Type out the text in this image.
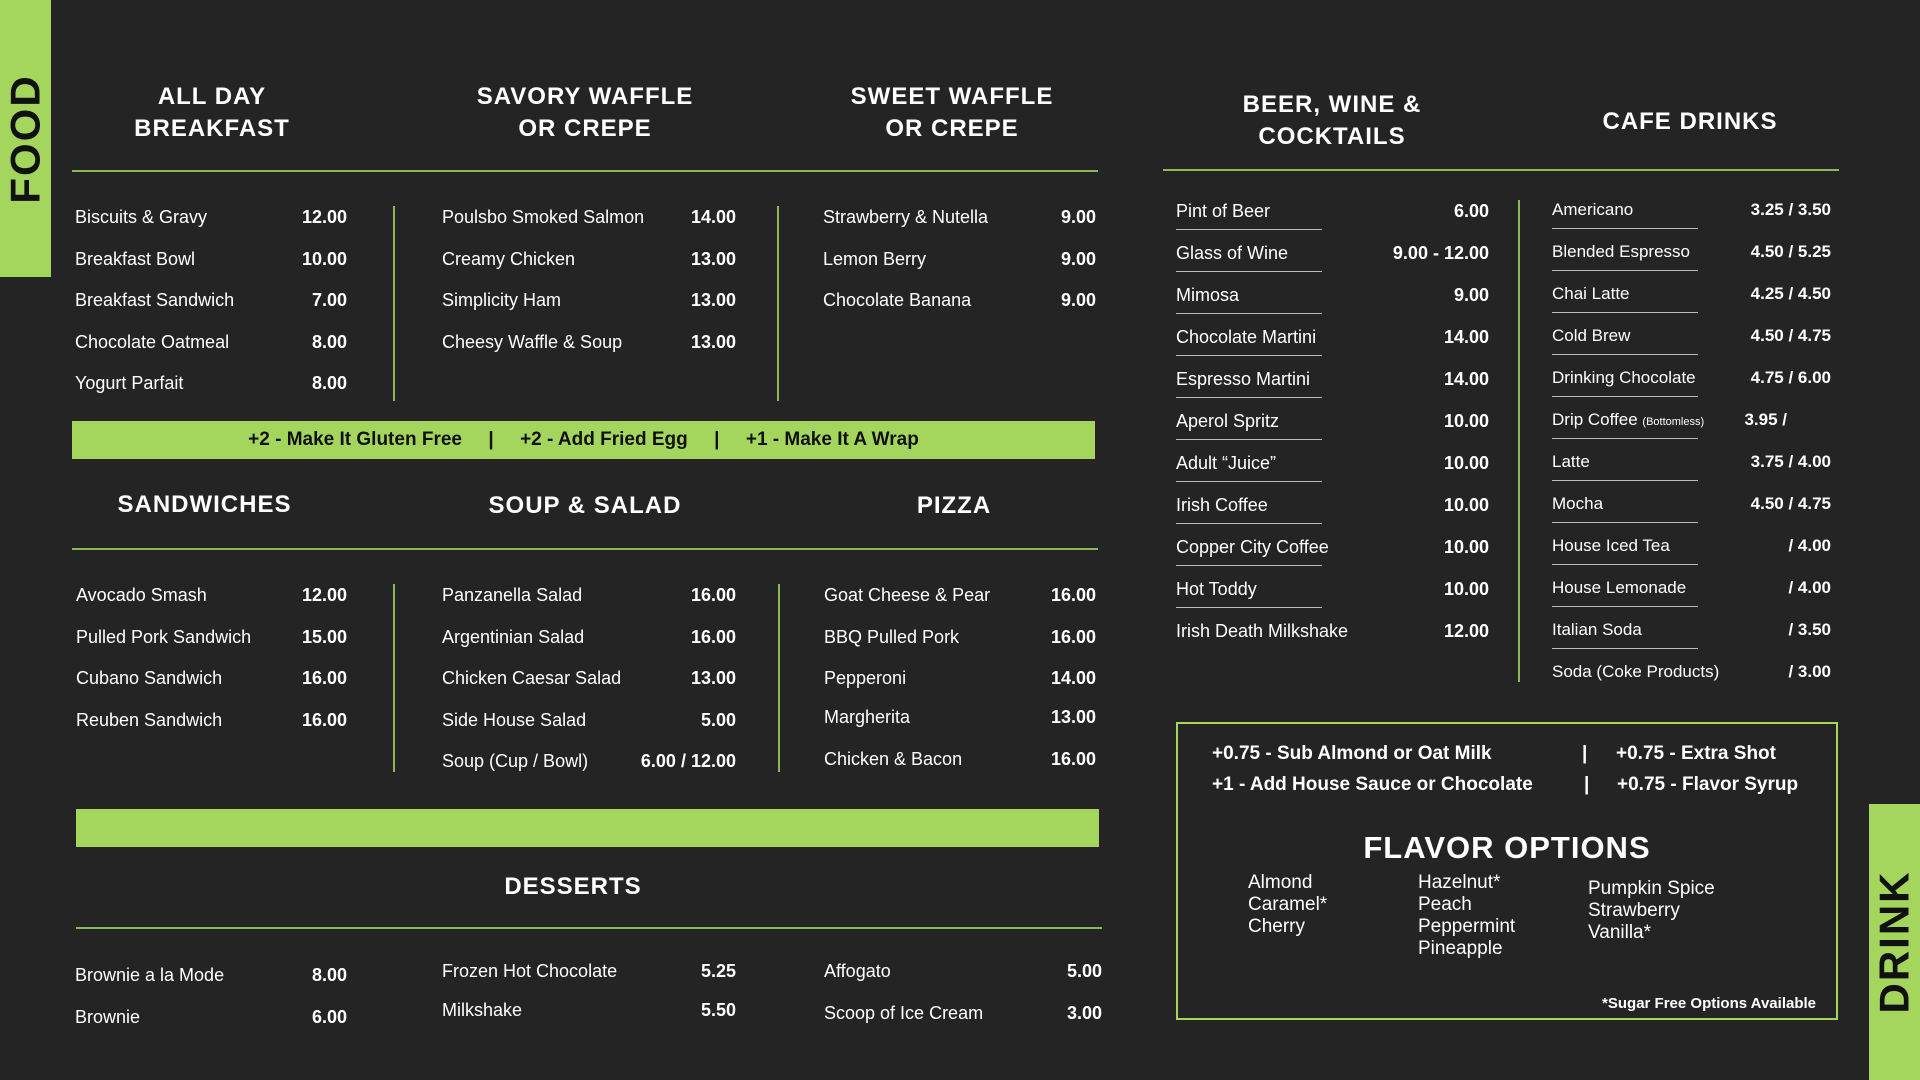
FOOD
DRINK
ALL DAY
BREAKFAST
SAVORY WAFFLE
OR CREPE
SWEET WAFFLE
OR CREPE
Biscuits & Gravy	12.00
Breakfast Bowl	10.00
Breakfast Sandwich	7.00
Chocolate Oatmeal	8.00
Yogurt Parfait	8.00
Poulsbo Smoked Salmon	14.00
Creamy Chicken	13.00
Simplicity Ham	13.00
Cheesy Waffle & Soup	13.00
Strawberry & Nutella	9.00
Lemon Berry	9.00
Chocolate Banana	9.00
+2 - Make It Gluten Free     |     +2 - Add Fried Egg     |     +1 - Make It A Wrap
SANDWICHES	SOUP & SALAD	PIZZA
Avocado Smash	12.00
Pulled Pork Sandwich	15.00
Cubano Sandwich	16.00
Reuben Sandwich	16.00
Panzanella Salad	16.00
Argentinian Salad	16.00
Chicken Caesar Salad	13.00
Side House Salad	5.00
Soup (Cup / Bowl)	6.00 / 12.00
Goat Cheese & Pear	16.00
BBQ Pulled Pork	16.00
Pepperoni	14.00
Margherita	13.00
Chicken & Bacon	16.00
DESSERTS
Brownie a la Mode	8.00
Brownie	6.00
Frozen Hot Chocolate	5.25
Milkshake	5.50
Affogato	5.00
Scoop of Ice Cream	3.00
BEER, WINE &
COCKTAILS
CAFE DRINKS
Pint of Beer	6.00
Glass of Wine	9.00 - 12.00
Mimosa	9.00
Chocolate Martini	14.00
Espresso Martini	14.00
Aperol Spritz	10.00
Adult “Juice”	10.00
Irish Coffee	10.00
Copper City Coffee	10.00
Hot Toddy	10.00
Irish Death Milkshake	12.00
Americano	3.25 / 3.50
Blended Espresso	4.50 / 5.25
Chai Latte	4.25 / 4.50
Cold Brew	4.50 / 4.75
Drinking Chocolate	4.75 / 6.00
Drip Coffee (Bottomless) 3.95 /
Latte	3.75 / 4.00
Mocha	4.50 / 4.75
House Iced Tea	/ 4.00
House Lemonade	/ 4.00
Italian Soda	/ 3.50
Soda (Coke Products)	/ 3.00
+0.75 - Sub Almond or Oat Milk	| +0.75 - Extra Shot
+1 - Add House Sauce or Chocolate	| +0.75 - Flavor Syrup
FLAVOR OPTIONS
Almond
Caramel*
Cherry
Hazelnut*
Peach
Peppermint
Pineapple
Pumpkin Spice
Strawberry
Vanilla*
*Sugar Free Options Available
